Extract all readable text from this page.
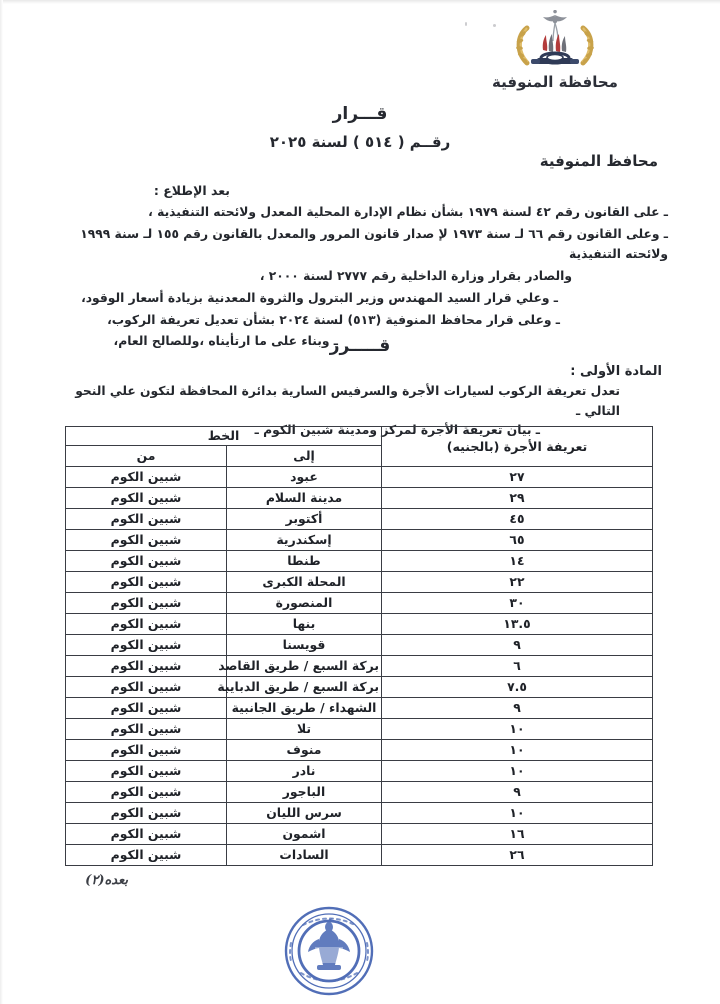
محافظة المنوفية
قـــرار
رقــم ( ٥١٤ ) لسنة ٢٠٢٥
محافظ المنوفية
بعد الإطلاع :
ـ على القانون رقم ٤٢ لسنة ١٩٧٩ بشأن نظام الإدارة المحلية المعدل ولائحته التنفيذية ،
ـ وعلى القانون رقم ٦٦ لـ سنة ١٩٧٣ لإ صدار قانون المرور والمعدل بالقانون رقم ١٥٥ لـ سنة ١٩٩٩ ولائحته التنفيذية
والصادر بقرار وزارة الداخلية رقم ٢٧٧٧ لسنة ٢٠٠٠ ،
ـ وعلي قرار السيد المهندس وزير البترول والثروة المعدنية بزيادة أسعار الوقود،
ـ وعلى قرار محافظ المنوفية (٥١٣) لسنة ٢٠٢٤ بشأن تعديل تعريفة الركوب،
ـ وبناء على ما ارتأيناه ،وللصالح العام،
قـــــرر
المادة الأولى :
تعدل تعريفة الركوب لسيارات الأجرة والسرفيس السارية بدائرة المحافظة لتكون علي النحو التالي ـ
ـ بيان تعريفة الأجرة لمركز ومدينة شبين الكوم ـ
تعريفة الأجرة (بالجنيه)	الخط	
	إلى	من
٢٧	عبود	شبين الكوم
٢٩	مدينة السلام	شبين الكوم
٤٥	أكتوبر	شبين الكوم
٦٥	إسكندرية	شبين الكوم
١٤	طنطا	شبين الكوم
٢٢	المحلة الكبرى	شبين الكوم
٣٠	المنصورة	شبين الكوم
١٣.٥	بنها	شبين الكوم
٩	قويسنا	شبين الكوم
٦	بركة السبع / طريق القاصد	شبين الكوم
٧.٥	بركة السبع / طريق الدبايبة	شبين الكوم
٩	الشهداء / طريق الجانبية	شبين الكوم
١٠	تلا	شبين الكوم
١٠	منوف	شبين الكوم
١٠	نادر	شبين الكوم
٩	الباجور	شبين الكوم
١٠	سرس الليان	شبين الكوم
١٦	اشمون	شبين الكوم
٢٦	السادات	شبين الكوم
بعده(٢)
